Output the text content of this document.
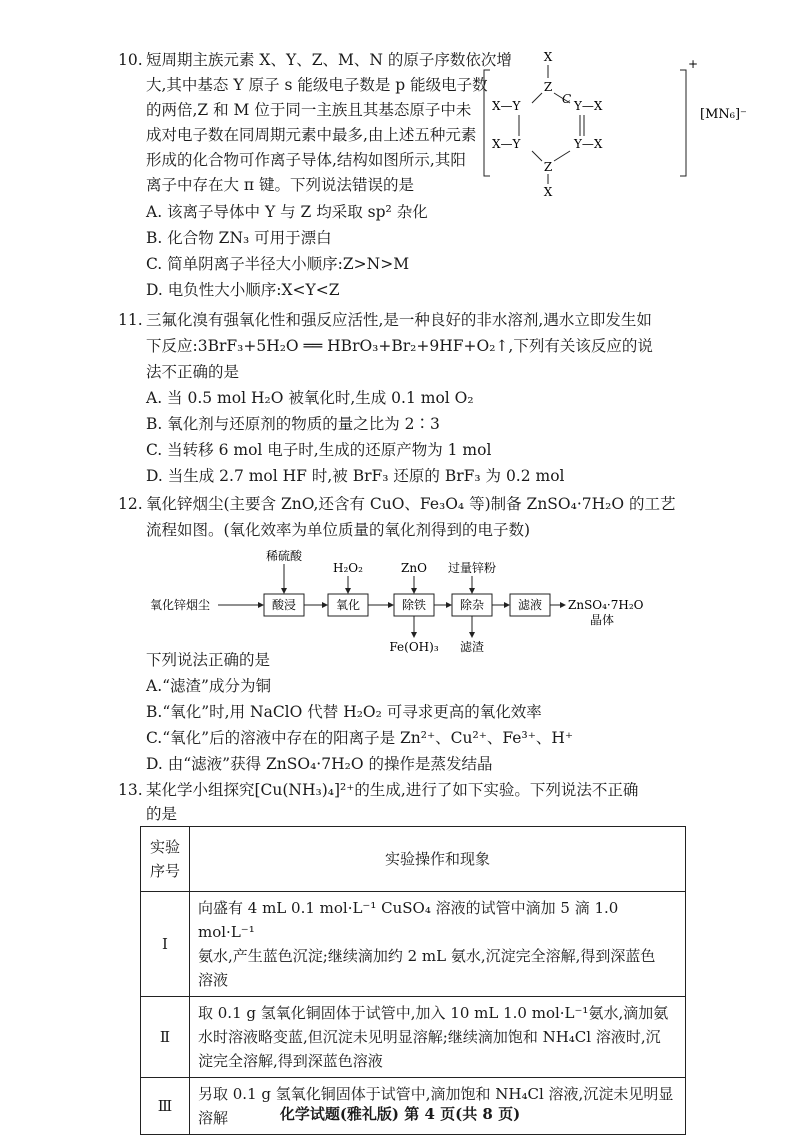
10. 短周期主族元素 X、Y、Z、M、N 的原子序数依次增
大,其中基态 Y 原子 s 能级电子数是 p 能级电子数
的两倍,Z 和 M 位于同一主族且其基态原子中未
成对电子数在同周期元素中最多,由上述五种元素
形成的化合物可作离子导体,结构如图所示,其阳
离子中存在大 π 键。下列说法错误的是
A. 该离子导体中 Y 与 Z 均采取 sp² 杂化
B. 化合物 ZN₃ 可用于漂白
C. 简单阴离子半径大小顺序:Z>N>M
D. 电负性大小顺序:X<Y<Z
X
Z
C
X—Y	Y—X
X—Y	Y—X
Z
X
+
[MN₆]⁻
11. 三氟化溴有强氧化性和强反应活性,是一种良好的非水溶剂,遇水立即发生如
下反应:3BrF₃+5H₂O ══ HBrO₃+Br₂+9HF+O₂↑,下列有关该反应的说
法不正确的是
A. 当 0.5 mol H₂O 被氧化时,生成 0.1 mol O₂
B. 氧化剂与还原剂的物质的量之比为 2∶3
C. 当转移 6 mol 电子时,生成的还原产物为 1 mol
D. 当生成 2.7 mol HF 时,被 BrF₃ 还原的 BrF₃ 为 0.2 mol
12. 氧化锌烟尘(主要含 ZnO,还含有 CuO、Fe₃O₄ 等)制备 ZnSO₄·7H₂O 的工艺
流程如图。(氧化效率为单位质量的氧化剂得到的电子数)
氧化锌烟尘	酸浸	氧化	除铁	除杂	滤液 ZnSO₄·7H₂O
晶体
稀硫酸
H₂O₂	ZnO 过量锌粉
Fe(OH)₃ 滤渣
下列说法正确的是
A.“滤渣”成分为铜
B.“氧化”时,用 NaClO 代替 H₂O₂ 可寻求更高的氧化效率
C.“氧化”后的溶液中存在的阳离子是 Zn²⁺、Cu²⁺、Fe³⁺、H⁺
D. 由“滤液”获得 ZnSO₄·7H₂O 的操作是蒸发结晶
13. 某化学小组探究[Cu(NH₃)₄]²⁺的生成,进行了如下实验。下列说法不正确
的是
实验
序号	实验操作和现象
Ⅰ	向盛有 4 mL 0.1 mol·L⁻¹ CuSO₄ 溶液的试管中滴加 5 滴 1.0 mol·L⁻¹
氨水,产生蓝色沉淀;继续滴加约 2 mL 氨水,沉淀完全溶解,得到深蓝色
溶液

Ⅱ	取 0.1 g 氢氧化铜固体于试管中,加入 10 mL 1.0 mol·L⁻¹氨水,滴加氨
水时溶液略变蓝,但沉淀未见明显溶解;继续滴加饱和 NH₄Cl 溶液时,沉
淀完全溶解,得到深蓝色溶液

Ⅲ	另取 0.1 g 氢氧化铜固体于试管中,滴加饱和 NH₄Cl 溶液,沉淀未见明显
溶解	化学试题(雅礼版) 第 4 页(共 8 页)
